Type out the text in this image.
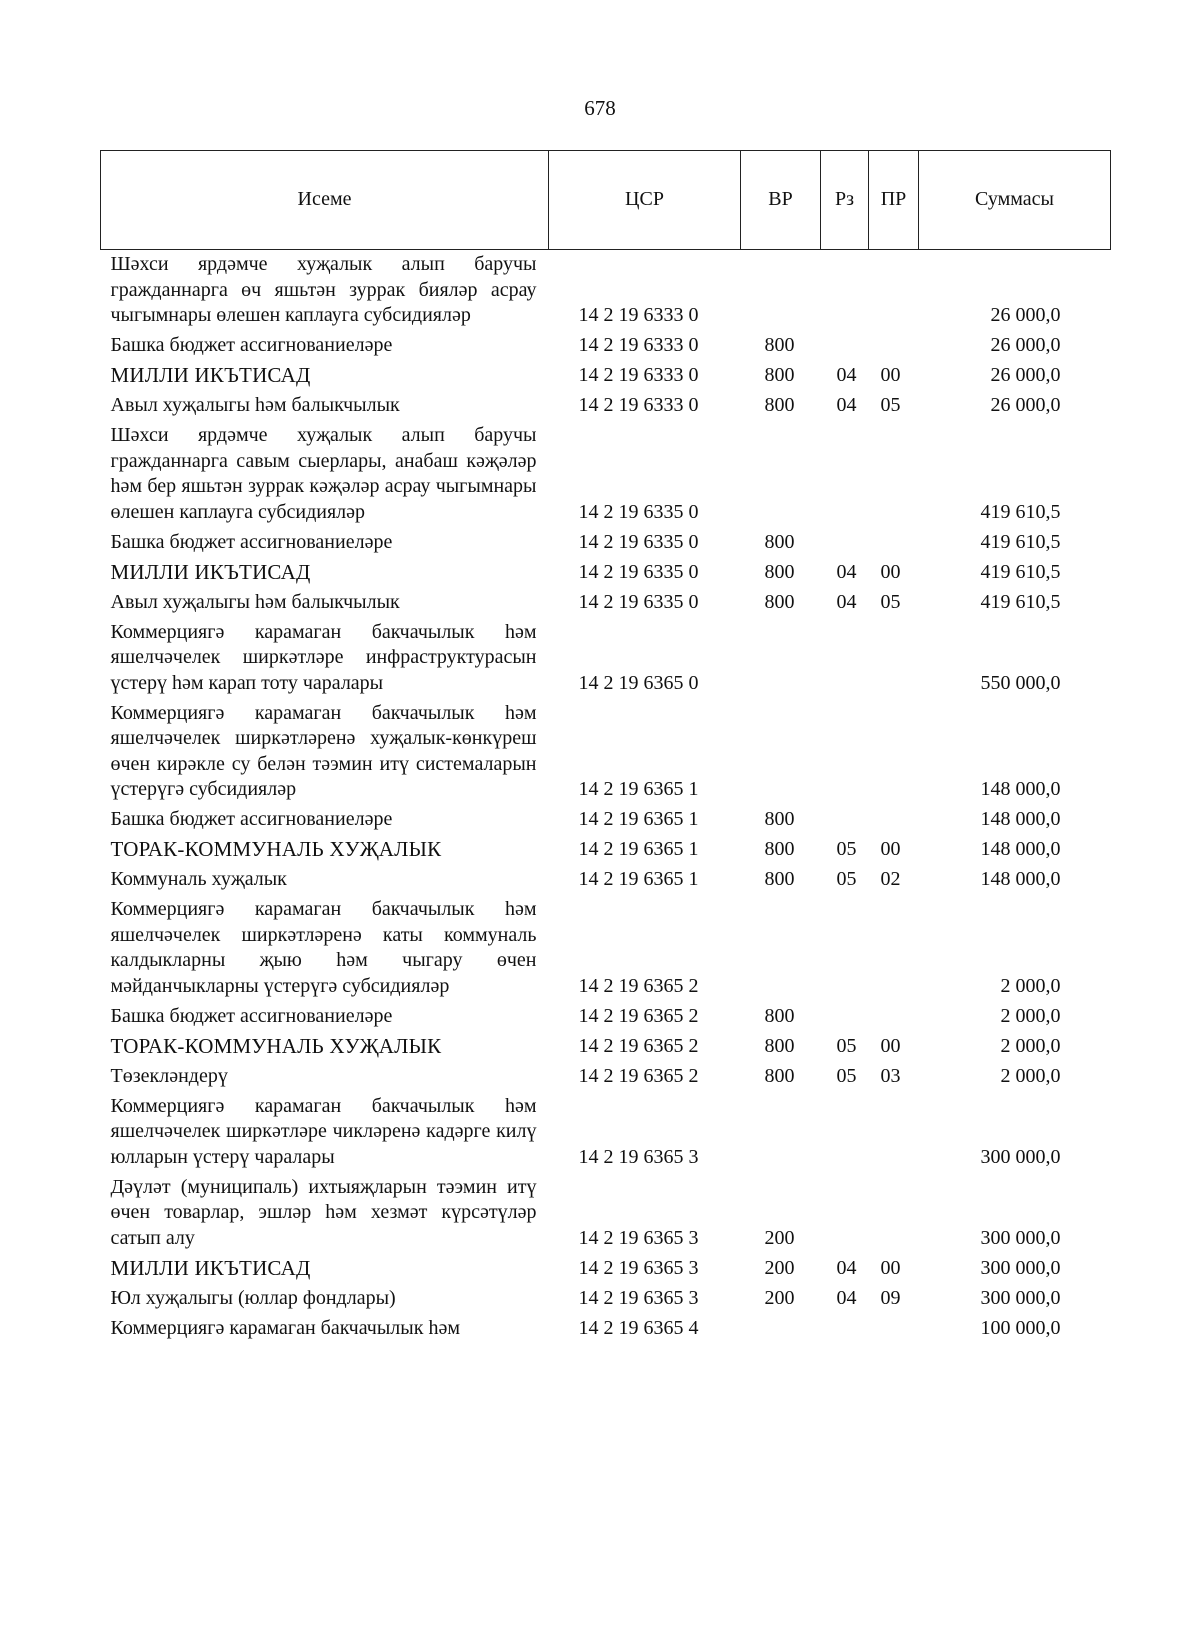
678
Исеме	ЦСР	ВР	Рз	ПР	Суммасы
Шәхси ярдәмче хуҗалык алып баручы гражданнарга өч яшьтән зуррак бияләр асрау чыгымнары өлешен каплауга субсидияләр	14 2 19 6333 0				26 000,0
Башка бюджет ассигнованиеләре	14 2 19 6333 0	800			26 000,0
МИЛЛИ ИКЪТИСАД	14 2 19 6333 0	800	04	00	26 000,0
Авыл хуҗалыгы һәм балыкчылык	14 2 19 6333 0	800	04	05	26 000,0
Шәхси ярдәмче хуҗалык алып баручы гражданнарга савым сыерлары, анабаш кәҗәләр һәм бер яшьтән зуррак кәҗәләр асрау чыгымнары өлешен каплауга субсидияләр	14 2 19 6335 0				419 610,5
Башка бюджет ассигнованиеләре	14 2 19 6335 0	800			419 610,5
МИЛЛИ ИКЪТИСАД	14 2 19 6335 0	800	04	00	419 610,5
Авыл хуҗалыгы һәм балыкчылык	14 2 19 6335 0	800	04	05	419 610,5
Коммерциягә карамаган бакчачылык һәм яшелчәчелек ширкәтләре инфраструктурасын үстерү һәм карап тоту чаралары	14 2 19 6365 0				550 000,0
Коммерциягә карамаган бакчачылык һәм яшелчәчелек ширкәтләренә хуҗалык-көнкүреш өчен кирәкле су белән тәэмин итү системаларын үстерүгә субсидияләр	14 2 19 6365 1				148 000,0
Башка бюджет ассигнованиеләре	14 2 19 6365 1	800			148 000,0
ТОРАК-КОММУНАЛЬ ХУҖАЛЫК	14 2 19 6365 1	800	05	00	148 000,0
Коммуналь хуҗалык	14 2 19 6365 1	800	05	02	148 000,0
Коммерциягә карамаган бакчачылык һәм яшелчәчелек ширкәтләренә каты коммуналь калдыкларны җыю һәм чыгару өчен мәйданчыкларны үстерүгә субсидияләр	14 2 19 6365 2				2 000,0
Башка бюджет ассигнованиеләре	14 2 19 6365 2	800			2 000,0
ТОРАК-КОММУНАЛЬ ХУҖАЛЫК	14 2 19 6365 2	800	05	00	2 000,0
Төзекләндерү	14 2 19 6365 2	800	05	03	2 000,0
Коммерциягә карамаган бакчачылык һәм яшелчәчелек ширкәтләре чикләренә кадәрге килү юлларын үстерү чаралары	14 2 19 6365 3				300 000,0
Дәүләт (муниципаль) ихтыяҗларын тәэмин итү өчен товарлар, эшләр һәм хезмәт күрсәтүләр сатып алу	14 2 19 6365 3	200			300 000,0
МИЛЛИ ИКЪТИСАД	14 2 19 6365 3	200	04	00	300 000,0
Юл хуҗалыгы (юллар фондлары)	14 2 19 6365 3	200	04	09	300 000,0
Коммерциягә карамаган бакчачылык һәм	14 2 19 6365 4				100 000,0
